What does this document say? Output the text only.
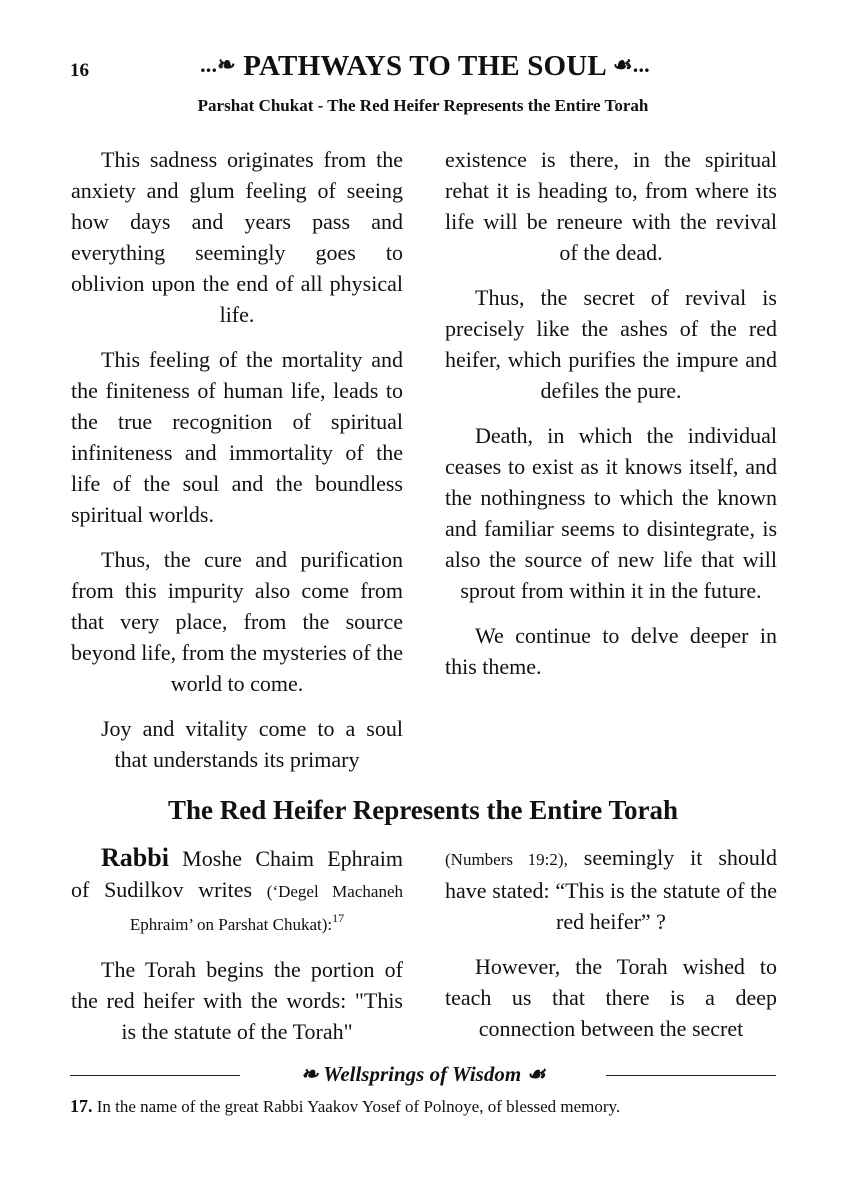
16	...❧ PATHWAYS TO THE SOUL ☙...
Parshat Chukat - The Red Heifer Represents the Entire Torah

This sadness originates from the anxiety and glum feeling of seeing how days and years pass and everything seemingly goes to oblivion upon the end of all physical life.

This feeling of the mortality and the finiteness of human life, leads to the true recognition of spiritual infiniteness and immortality of the life of the soul and the boundless spiritual worlds.

Thus, the cure and purification from this impurity also come from that very place, from the source beyond life, from the mysteries of the world to come.

Joy and vitality come to a soul that understands its primary

existence is there, in the spiritual rehat it is heading to, from where its life will be reneure with the revival of the dead.

Thus, the secret of revival is precisely like the ashes of the red heifer, which purifies the impure and defiles the pure.

Death, in which the individual ceases to exist as it knows itself, and the nothingness to which the known and familiar seems to disintegrate, is also the source of new life that will sprout from within it in the future.

We continue to delve deeper in this theme.

The Red Heifer Represents the Entire Torah

Rabbi Moshe Chaim Ephraim of Sudilkov writes (‘Degel Machaneh Ephraim’ on Parshat Chukat):$^{17}$

The Torah begins the portion of the red heifer with the words: "This is the statute of the Torah"

(Numbers 19:2), seemingly it should have stated: “This is the statute of the red heifer” ?

However, the Torah wished to teach us that there is a deep connection between the secret

❧ Wellsprings of Wisdom ☙
17. In the name of the great Rabbi Yaakov Yosef of Polnoye, of blessed memory.
